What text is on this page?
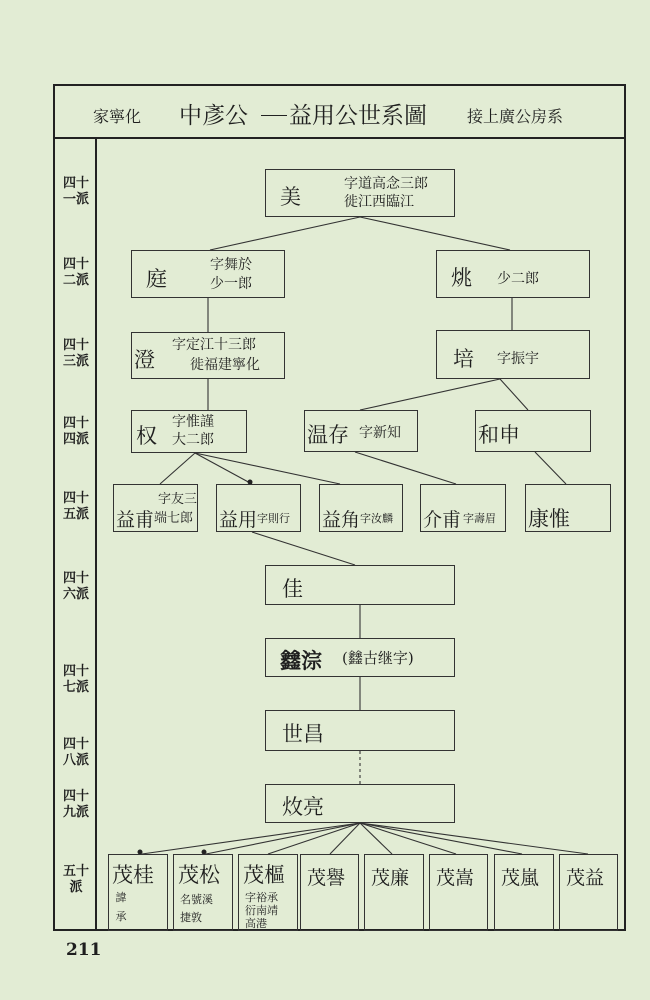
家寧化 中彥公 益用公世系圖	接上廣公房系
四十
一派
四十
二派
四十
三派
四十
四派
四十
五派
四十
六派
四十
七派
四十
八派
四十
九派
五十
派
美
字道高念三郎
徙江西臨江
庭
字舞於
少一郎	烑 少二郎
澄
字定江十三郎
徙福建寧化	培 字振宇
权
字惟謹
大二郎	温存 字新知	和申
益甫
字友三
端七郎 益用 字則行 益角 字汝麟 介甫 字壽眉 康惟
佳
𨰻淙 (𨰻古继字)
世昌
炇亮
茂桂
諱
承
茂松
名號溪
捷敦
茂樞
字裕承
衍南靖
高港
茂譽 茂廉 茂嵩 茂嵐 茂益
211
